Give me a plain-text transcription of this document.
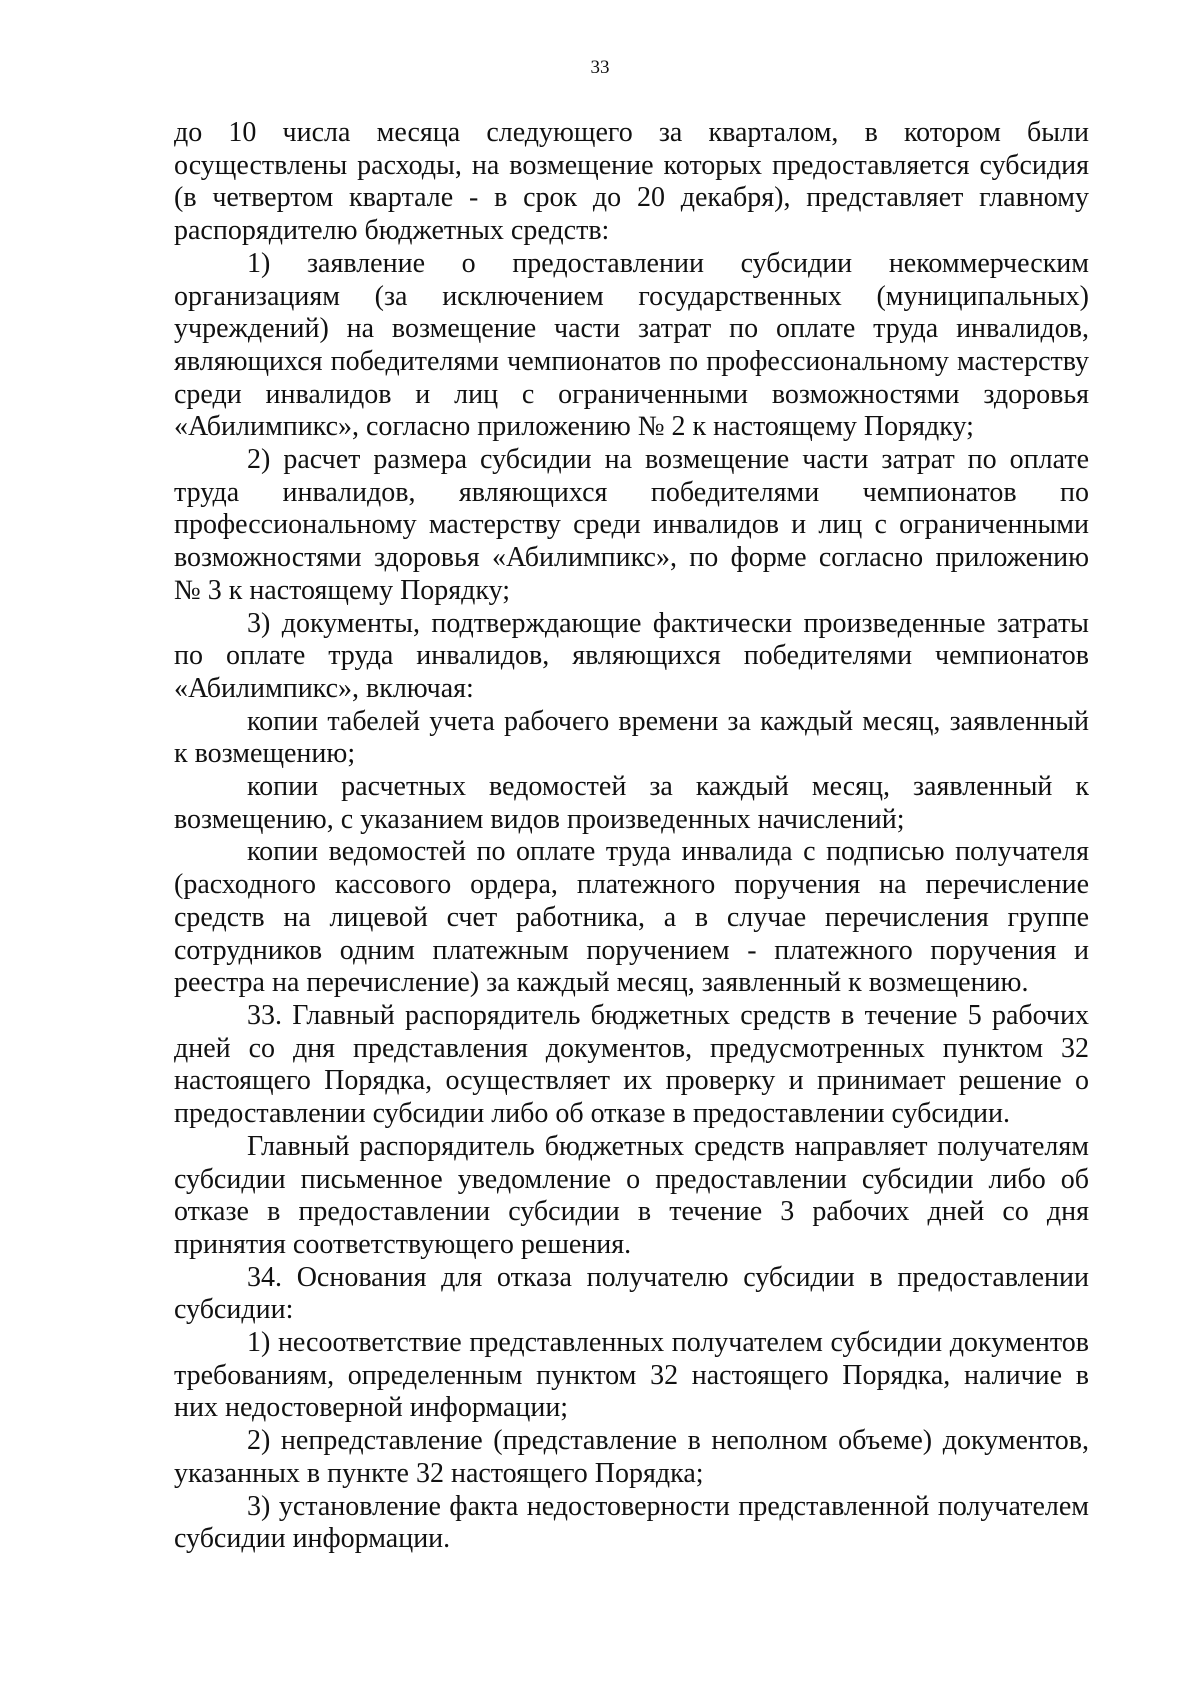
33

до 10 числа месяца следующего за кварталом, в котором были осуществлены расходы, на возмещение которых предоставляется субсидия (в четвертом квартале - в срок до 20 декабря), представляет главному распорядителю бюджетных средств:

1) заявление о предоставлении субсидии некоммерческим организациям (за исключением государственных (муниципальных) учреждений) на возмещение части затрат по оплате труда инвалидов, являющихся победителями чемпионатов по профессиональному мастерству среди инвалидов и лиц с ограниченными возможностями здоровья «Абилимпикс», согласно приложению № 2 к настоящему Порядку;

2) расчет размера субсидии на возмещение части затрат по оплате труда инвалидов, являющихся победителями чемпионатов по профессиональному мастерству среди инвалидов и лиц с ограниченными возможностями здоровья «Абилимпикс», по форме согласно приложению № 3 к настоящему Порядку;

3) документы, подтверждающие фактически произведенные затраты по оплате труда инвалидов, являющихся победителями чемпионатов «Абилимпикс», включая:

копии табелей учета рабочего времени за каждый месяц, заявленный к возмещению;

копии расчетных ведомостей за каждый месяц, заявленный к возмещению, с указанием видов произведенных начислений;

копии ведомостей по оплате труда инвалида с подписью получателя (расходного кассового ордера, платежного поручения на перечисление средств на лицевой счет работника, а в случае перечисления группе сотрудников одним платежным поручением - платежного поручения и реестра на перечисление) за каждый месяц, заявленный к возмещению.

33. Главный распорядитель бюджетных средств в течение 5 рабочих дней со дня представления документов, предусмотренных пунктом 32 настоящего Порядка, осуществляет их проверку и принимает решение о предоставлении субсидии либо об отказе в предоставлении субсидии.

Главный распорядитель бюджетных средств направляет получателям субсидии письменное уведомление о предоставлении субсидии либо об отказе в предоставлении субсидии в течение 3 рабочих дней со дня принятия соответствующего решения.

34. Основания для отказа получателю субсидии в предоставлении субсидии:

1) несоответствие представленных получателем субсидии документов требованиям, определенным пунктом 32 настоящего Порядка, наличие в них недостоверной информации;

2) непредставление (представление в неполном объеме) документов, указанных в пункте 32 настоящего Порядка;

3) установление факта недостоверности представленной получателем субсидии информации.
